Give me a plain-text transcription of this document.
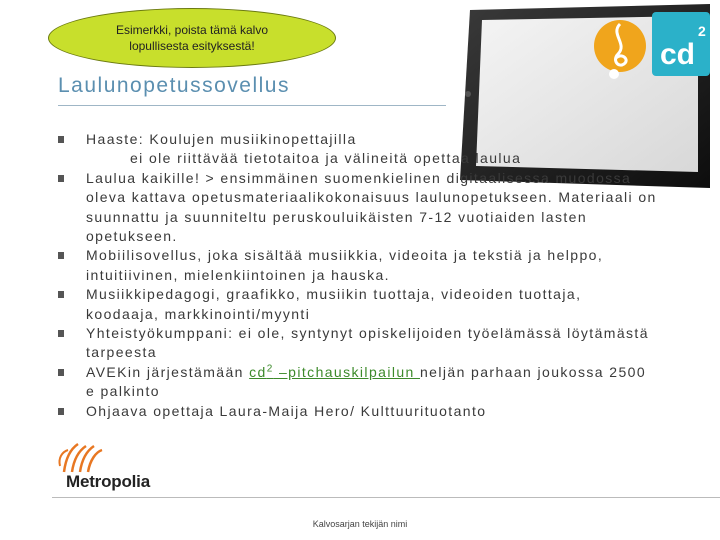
Esimerkki, poista tämä kalvo
lopullisesta esityksestä!	cd
2
Laulunopetussovellus
Haaste: Koulujen musiikinopettajilla
ei ole riittävää tietotaitoa ja välineitä opettaa laulua
Laulua kaikille! > ensimmäinen suomenkielinen digitaalisessa muodossa oleva kattava opetusmateriaalikokonaisuus laulunopetukseen. Materiaali on suunnattu ja suunniteltu peruskouluikäisten 7-12 vuotiaiden lasten opetukseen.
Mobiilisovellus, joka sisältää musiikkia, videoita ja tekstiä ja helppo, intuitiivinen, mielenkiintoinen ja hauska.
Musiikkipedagogi, graafikko, musiikin tuottaja, videoiden tuottaja, koodaaja, markkinointi/myynti
Yhteistyökumppani: ei ole, syntynyt opiskelijoiden työelämässä löytämästä tarpeesta
AVEKin järjestämään $cd^2$ –pitchauskilpailun neljän parhaan joukossa 2500 e palkinto
Ohjaava opettaja Laura-Maija Hero/ Kulttuurituotanto
Metropolia
Kalvosarjan tekijän nimi
